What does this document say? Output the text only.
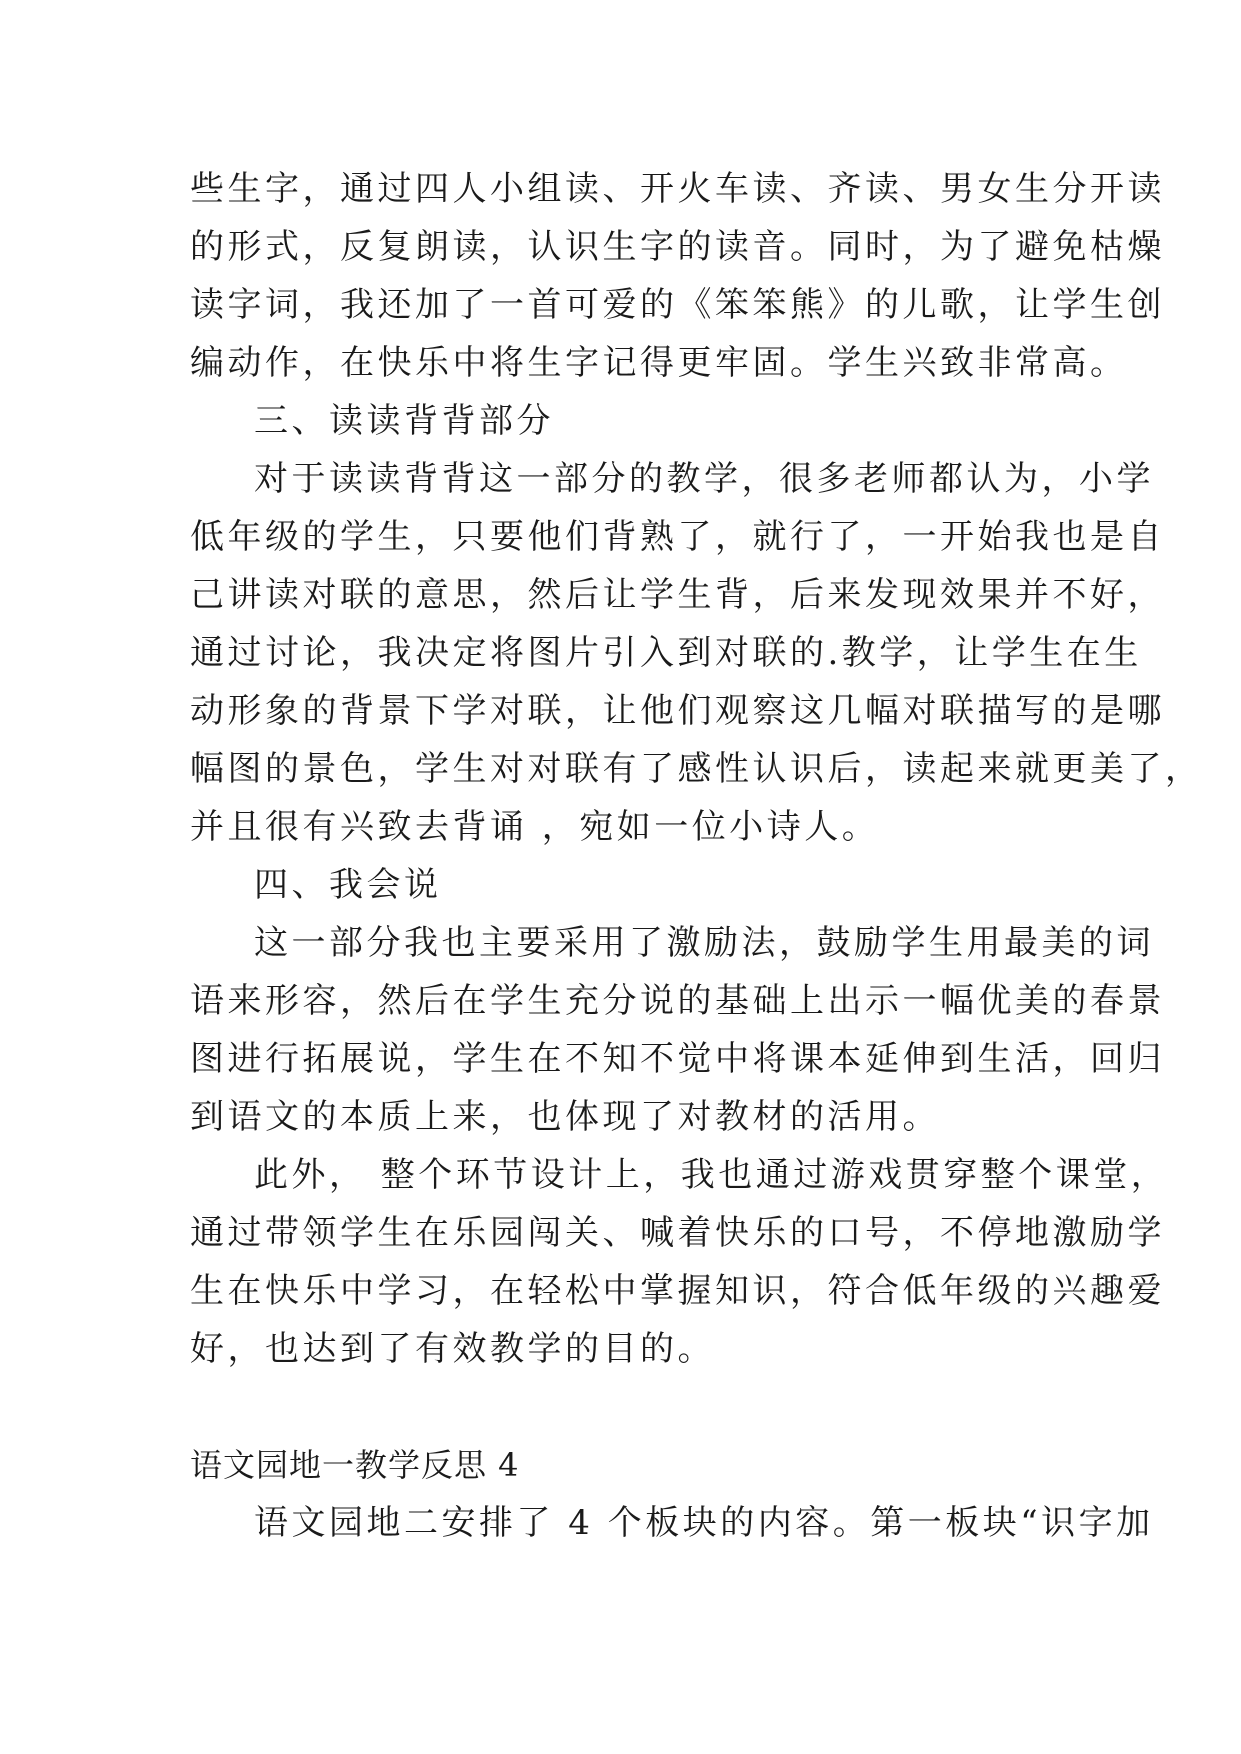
些生字，通过四人小组读、开火车读、齐读、男女生分开读
的形式，反复朗读，认识生字的读音。同时，为了避免枯燥
读字词，我还加了一首可爱的《笨笨熊》的儿歌，让学生创
编动作，在快乐中将生字记得更牢固。学生兴致非常高。
三、读读背背部分
对于读读背背这一部分的教学，很多老师都认为，小学
低年级的学生，只要他们背熟了，就行了，一开始我也是自
己讲读对联的意思，然后让学生背，后来发现效果并不好，
通过讨论，我决定将图片引入到对联的.教学，让学生在生
动形象的背景下学对联，让他们观察这几幅对联描写的是哪
幅图的景色，学生对对联有了感性认识后，读起来就更美了，
并且很有兴致去背诵 ，宛如一位小诗人。
四、我会说
这一部分我也主要采用了激励法，鼓励学生用最美的词
语来形容，然后在学生充分说的基础上出示一幅优美的春景
图进行拓展说，学生在不知不觉中将课本延伸到生活，回归
到语文的本质上来，也体现了对教材的活用。
此外， 整个环节设计上，我也通过游戏贯穿整个课堂，
通过带领学生在乐园闯关、喊着快乐的口号，不停地激励学
生在快乐中学习，在轻松中掌握知识，符合低年级的兴趣爱
好，也达到了有效教学的目的。
语文园地一教学反思 4
语文园地二安排了 4 个板块的内容。第一板块“识字加
